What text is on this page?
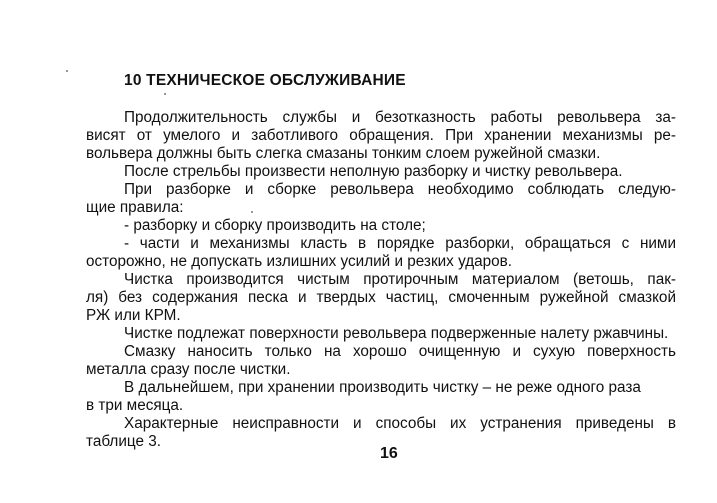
10 ТЕХНИЧЕСКОЕ ОБСЛУЖИВАНИЕ
Продолжительность службы и безотказность работы револьвера за-
висят от умелого и заботливого обращения. При хранении механизмы ре-
вольвера должны быть слегка смазаны тонким слоем ружейной смазки.
После стрельбы произвести неполную разборку и чистку револьвера.
При разборке и сборке револьвера необходимо соблюдать следую-
щие правила:
- разборку и сборку производить на столе;
- части и механизмы класть в порядке разборки, обращаться с ними
осторожно, не допускать излишних усилий и резких ударов.
Чистка производится чистым протирочным материалом (ветошь, пак-
ля) без содержания песка и твердых частиц, смоченным ружейной смазкой
РЖ или КРМ.
Чистке подлежат поверхности револьвера подверженные налету ржавчины.
Смазку наносить только на хорошо очищенную и сухую поверхность
металла сразу после чистки.
В дальнейшем, при хранении производить чистку – не реже одного раза
в три месяца.
Характерные неисправности и способы их устранения приведены в
таблице 3.
16
